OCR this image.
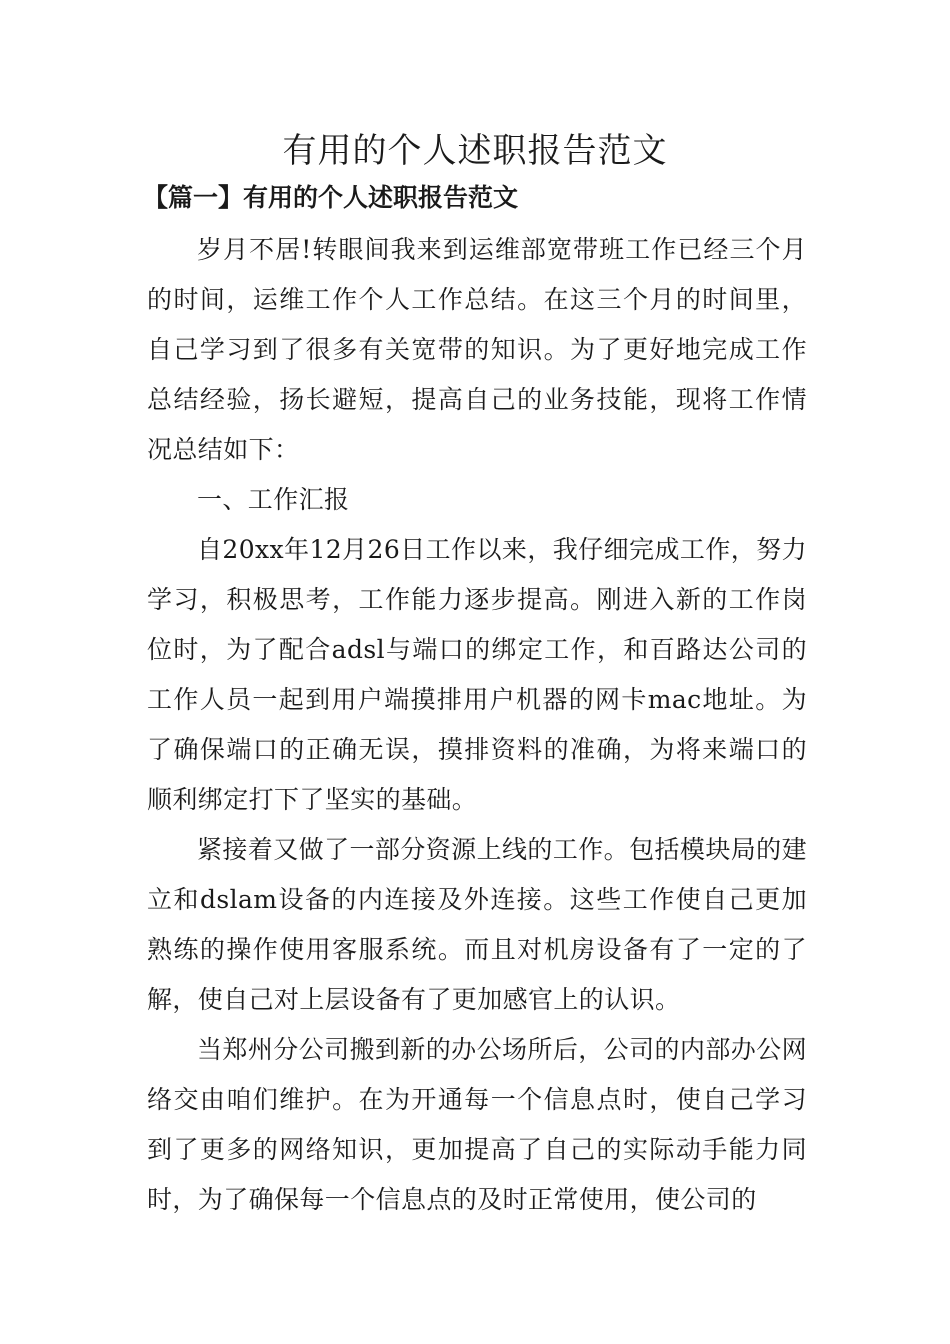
有用的个人述职报告范文
【篇一】有用的个人述职报告范文

岁月不居!转眼间我来到运维部宽带班工作已经三个月的时间，运维工作个人工作总结。在这三个月的时间里，自己学习到了很多有关宽带的知识。为了更好地完成工作总结经验，扬长避短，提高自己的业务技能，现将工作情况总结如下：

一、工作汇报

自20xx年12月26日工作以来，我仔细完成工作，努力学习，积极思考，工作能力逐步提高。刚进入新的工作岗位时，为了配合adsl与端口的绑定工作，和百路达公司的工作人员一起到用户端摸排用户机器的网卡mac地址。为了确保端口的正确无误，摸排资料的准确，为将来端口的顺利绑定打下了坚实的基础。

紧接着又做了一部分资源上线的工作。包括模块局的建立和dslam设备的内连接及外连接。这些工作使自己更加熟练的操作使用客服系统。而且对机房设备有了一定的了解，使自己对上层设备有了更加感官上的认识。

当郑州分公司搬到新的办公场所后，公司的内部办公网络交由咱们维护。在为开通每一个信息点时，使自己学习到了更多的网络知识，更加提高了自己的实际动手能力同时，为了确保每一个信息点的及时正常使用，使公司的
